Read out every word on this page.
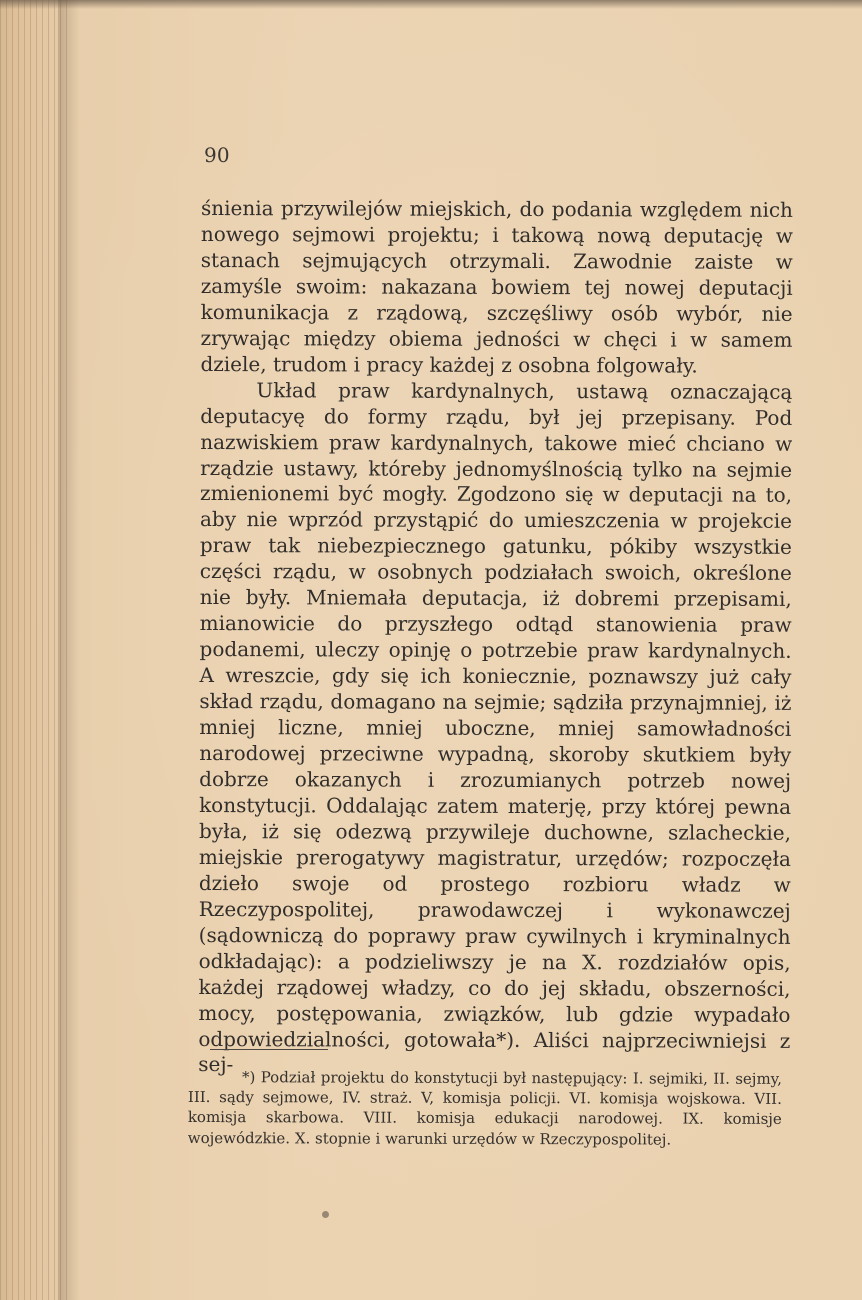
90

śnienia przywilejów miejskich, do podania względem nich nowego sejmowi projektu; i takową nową deputację w stanach sejmujących otrzymali. Zawodnie zaiste w zamyśle swoim: nakazana bowiem tej nowej deputacji komunikacja z rządową, szczęśliwy osób wybór, nie zrywając między obiema jedności w chęci i w samem dziele, trudom i pracy każdej z osobna folgowały.

Układ praw kardynalnych, ustawą oznaczającą deputacyę do formy rządu, był jej przepisany. Pod nazwiskiem praw kardynalnych, takowe mieć chciano w rządzie ustawy, któreby jednomyślnością tylko na sejmie zmienionemi być mogły. Zgodzono się w deputacji na to, aby nie wprzód przystąpić do umieszczenia w projekcie praw tak niebezpiecznego gatunku, pókiby wszystkie części rządu, w osobnych podziałach swoich, określone nie były. Mniemała deputacja, iż dobremi przepisami, mianowicie do przyszłego odtąd stanowienia praw podanemi, uleczy opinję o potrzebie praw kardynalnych. A wreszcie, gdy się ich koniecznie, poznawszy już cały skład rządu, domagano na sejmie; sądziła przynajmniej, iż mniej liczne, mniej uboczne, mniej samowładności narodowej przeciwne wypadną, skoroby skutkiem były dobrze okazanych i zrozumianych potrzeb nowej konstytucji. Oddalając zatem materję, przy której pewna była, iż się odezwą przywileje duchowne, szlacheckie, miejskie prerogatywy magistratur, urzędów; rozpoczęła dzieło swoje od prostego rozbioru władz w Rzeczypospolitej, prawodawczej i wykonawczej (sądowniczą do poprawy praw cywilnych i kryminalnych odkładając): a podzieliwszy je na X. rozdziałów opis, każdej rządowej władzy, co do jej składu, obszerności, mocy, postępowania, związków, lub gdzie wypadało odpowiedzialności, gotowała*). Aliści najprzeciwniejsi z sej-

*) Podział projektu do konstytucji był następujący: I. sejmiki, II. sejmy, III. sądy sejmowe, IV. straż. V, komisja policji. VI. komisja wojskowa. VII. komisja skarbowa. VIII. komisja edukacji narodowej. IX. komisje wojewódzkie. X. stopnie i warunki urzędów w Rzeczypospolitej.
